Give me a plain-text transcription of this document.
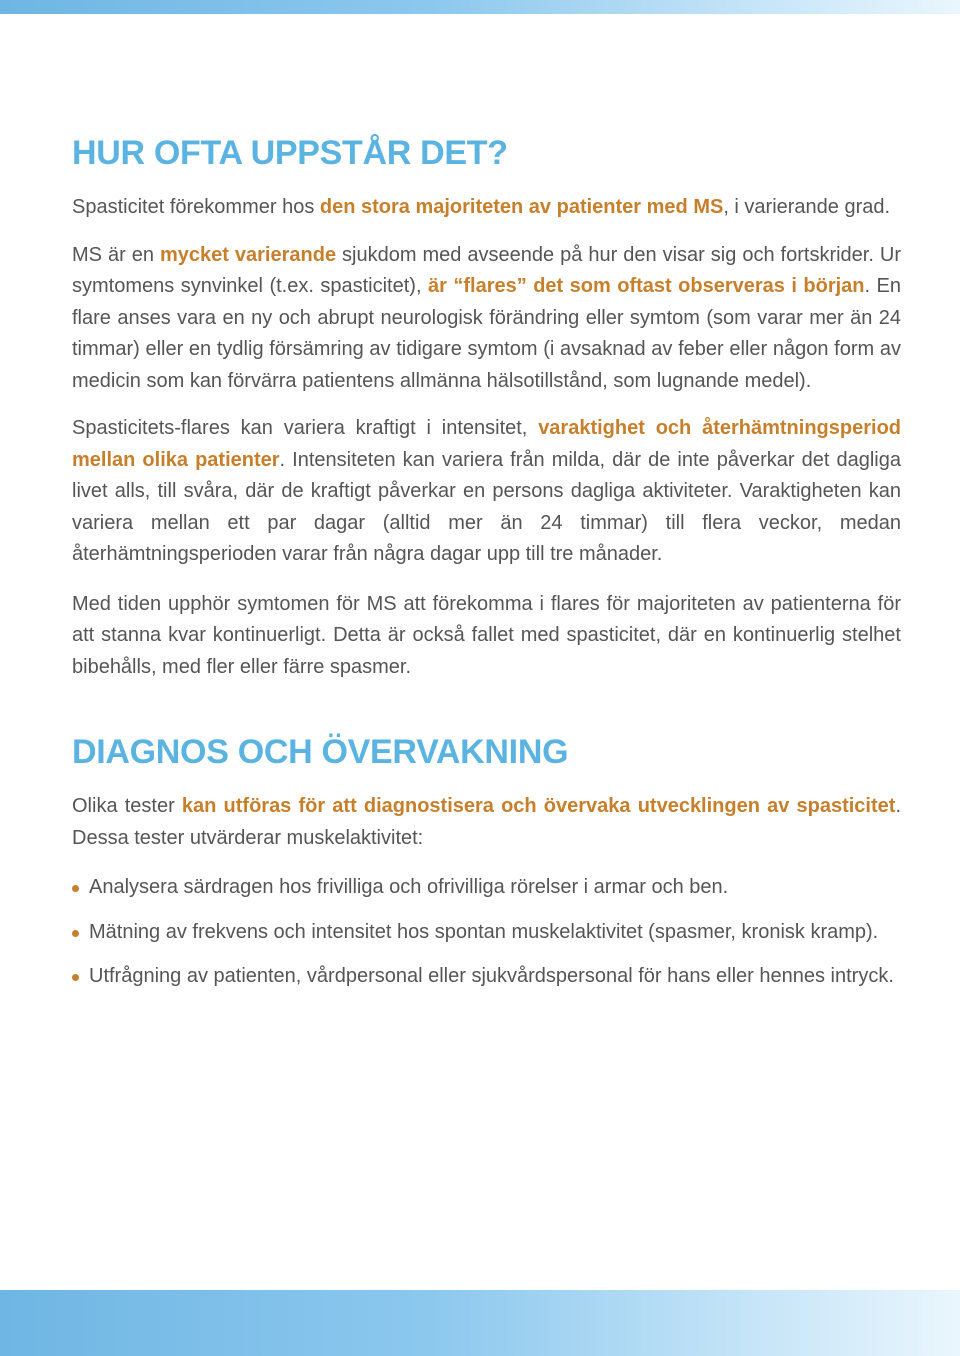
HUR OFTA UPPSTÅR DET?

Spasticitet förekommer hos den stora majoriteten av patienter med MS, i varierande grad.

MS är en mycket varierande sjukdom med avseende på hur den visar sig och fortskrider. Ur symtomens synvinkel (t.ex. spasticitet), är “flares” det som oftast observeras i början. En flare anses vara en ny och abrupt neurologisk förändring eller symtom (som varar mer än 24 timmar) eller en tydlig försämring av tidigare symtom (i avsaknad av feber eller någon form av medicin som kan förvärra patientens allmänna hälsotillstånd, som lugnande medel).

Spasticitets-flares kan variera kraftigt i intensitet, varaktighet och återhämtningsperiod mellan olika patienter. Intensiteten kan variera från milda, där de inte påverkar det dagliga livet alls, till svåra, där de kraftigt påverkar en persons dagliga aktiviteter. Varaktigheten kan variera mellan ett par dagar (alltid mer än 24 timmar) till flera veckor, medan återhämtningsperioden varar från några dagar upp till tre månader.

Med tiden upphör symtomen för MS att förekomma i flares för majoriteten av patienterna för att stanna kvar kontinuerligt. Detta är också fallet med spasticitet, där en kontinuerlig stelhet bibehålls, med fler eller färre spasmer.

DIAGNOS OCH ÖVERVAKNING

Olika tester kan utföras för att diagnostisera och övervaka utvecklingen av spasticitet. Dessa tester utvärderar muskelaktivitet:

Analysera särdragen hos frivilliga och ofrivilliga rörelser i armar och ben.
Mätning av frekvens och intensitet hos spontan muskelaktivitet (spasmer, kronisk kramp).
Utfrågning av patienten, vårdpersonal eller sjukvårdspersonal för hans eller hennes intryck.
